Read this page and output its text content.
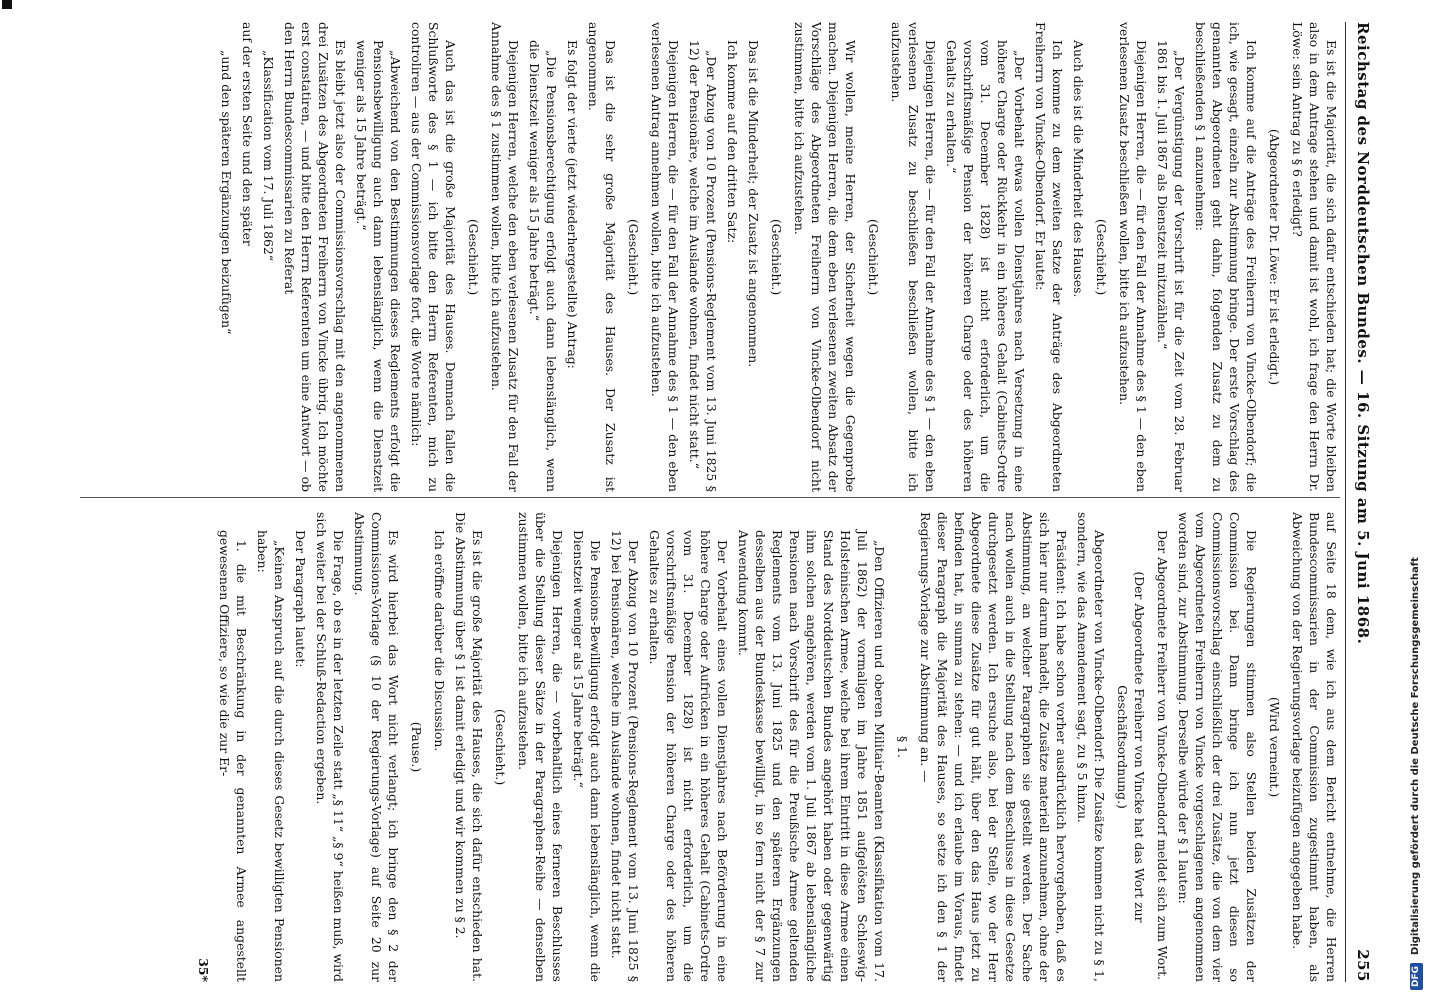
Reichstag des Norddeutschen Bundes. — 16. Sitzung am 5. Juni 1868.
255

Es ist die Majorität, die sich dafür entschieden hat; die Worte bleiben also in dem Antrage stehen und damit ist wohl, ich frage den Herrn Dr. Löwe: sein Antrag zu § 6 erledigt?

(Abgeordneter Dr. Löwe: Er ist erledigt.)

Ich komme auf die Anträge des Freiherrn von Vincke-Olbendorf; die ich, wie gesagt, einzeln zur Abstimmung bringe. Der erste Vorschlag des genannten Abgeordneten geht dahin, folgenden Zusatz zu dem zu beschließenden § 1 anzunehmen:

„Der Vergünstigung der Vorschrift ist für die Zeit vom 28. Februar 1861 bis 1. Juli 1867 als Dienstzeit mitzuzählen.“

Diejenigen Herren, die — für den Fall der Annahme des § 1 — den eben verlesenen Zusatz beschließen wollen, bitte ich aufzustehen.

(Geschieht.)

Auch dies ist die Minderheit des Hauses.

Ich komme zu dem zweiten Satze der Anträge des Abgeordneten Freiherrn von Vincke-Olbendorf. Er lautet:

„Der Vorbehalt etwas vollen Dienstjahres nach Versetzung in eine höhere Charge oder Rückkehr in ein höheres Gehalt (Cabinets-Ordre vom 31. December 1828) ist nicht erforderlich, um die vorschriftsmäßige Pension der höheren Charge oder des höheren Gehalts zu erhalten.“

Diejenigen Herren, die — für den Fall der Annahme des § 1 — den eben verlesenen Zusatz zu beschließen beschließen wollen, bitte ich aufzustehen.

(Geschieht.)

Wir wollen, meine Herren, der Sicherheit wegen die Gegenprobe machen. Diejenigen Herren, die dem eben verlesenen zweiten Absatz der Vorschläge des Abgeordneten Freiherrn von Vincke-Olbendorf nicht zustimmen, bitte ich aufzustehen.

(Geschieht.)

Das ist die Minderheit; der Zusatz ist angenommen.

Ich komme auf den dritten Satz:

„Der Abzug von 10 Prozent (Pensions-Reglement vom 13. Juni 1825 § 12) der Pensionäre, welche im Auslande wohnen, findet nicht statt.“

Diejenigen Herren, die — für den Fall der Annahme des § 1 — den eben verlesenen Antrag annehmen wollen, bitte ich aufzustehen.

(Geschieht.)

Das ist die sehr große Majorität des Hauses. Der Zusatz ist angenommen.

Es folgt der vierte (jetzt wiederhergestellte) Antrag:

„Die Pensionsberechtigung erfolgt auch dann lebenslänglich, wenn die Dienstzeit weniger als 15 Jahre beträgt.“

Diejenigen Herren, welche den eben verlesenen Zusatz für den Fall der Annahme des § 1 zustimmen wollen, bitte ich aufzustehen.

(Geschieht.)

Auch das ist die große Majorität des Hauses. Demnach fallen die Schlußworte des § 1 — ich bitte den Herrn Referenten, mich zu controliren — aus der Commissionsvorlage fort, die Worte nämlich:

„Abweichend von den Bestimmungen dieses Reglements erfolgt die Pensionsbewilligung auch dann lebenslänglich, wenn die Dienstzeit weniger als 15 Jahre beträgt.“

Es bleibt jetzt also der Commissionsvorschlag mit den angenommenen drei Zusätzen des Abgeordneten Freiherrn von Vincke übrig. Ich möchte erst constatiren, — und bitte den Herrn Referenten um eine Antwort — ob den Herrn Bundescommissarien zu Referat

„Klassification vom 17. Juli 1862“

auf der ersten Seite und den später

„und den späteren Ergänzungen beizufügen“

auf Seite 18 dem, wie ich aus dem Bericht entnehme, die Herren Bundescommissarien in der Commission zugestimmt haben, als Abweichung von der Regierungsvorlage beizufügen angegeben habe.

(Wird verneint.)

Die Regierungen stimmen also Stellen beiden Zusätzen der Commission bei. Dann bringe ich nun jetzt diesen so Commissionsvorschlag einschließlich der drei Zusätze, die von dem vier vom Abgeordneten Freiherrn von Vincke vorgeschlagenen angenommen worden sind, zur Abstimmung. Derselbe würde der § 1 lauten:

Der Abgeordnete Freiherr von Vincke-Olbendorf meldet sich zum Wort.

(Der Abgeordnete Freiherr von Vincke hat das Wort zur Geschäftsordnung.)

Abgeordneter von Vincke-Olbendorf: Die Zusätze kommen nicht zu § 1, sondern, wie das Amendement sagt, zu § 5 hinzu.

Präsident: Ich habe schon vorher ausdrücklich hervorgehoben, daß es sich hier nur darum handelt, die Zusätze materiell anzunehmen, ohne der Abstimmung, an welcher Paragraphen sie gestellt werden. Der Sache nach wollen auch in die Stellung nach dem Beschlusse in diese Gesetze durchgesetzt werden. Ich ersuche also, bei der Stelle, wo der Herr Abgeordnete diese Zusätze für gut hält, über den das Haus jetzt zu befinden hat, in summa zu stehen: — und ich erlaube im Voraus, findet dieser Paragraph die Majorität des Hauses, so setze ich den § 1 der Regierungs-Vorlage zur Abstimmung an. —

§ 1.

„Den Offizieren und oberen Militair-Beamten (Klassifikation vom 17. Juli 1862) der vormaligen im Jahre 1851 aufgelösten Schleswig-Holsteinischen Armee, welche bei ihrem Eintritt in diese Armee einen Stand des Norddeutschen Bundes angehört haben oder gegenwärtig ihm solchen angehören, werden vom 1. Juli 1867 ab lebenslängliche Pensionen nach Vorschrift des für die Preußische Armee geltenden Reglements vom 13. Juni 1825 und den späteren Ergänzungen desselben aus der Bundeskasse bewilligt, in so fern nicht der § 7 zur Anwendung kommt.

Der Vorbehalt eines vollen Dienstjahres nach Beförderung in eine höhere Charge oder Aufrücken in ein höheres Gehalt (Cabinets-Ordre vom 31. December 1828) ist nicht erforderlich, um die vorschriftsmäßige Pension der höheren Charge oder des höheren Gehaltes zu erhalten.

Der Abzug von 10 Prozent (Pensions-Reglement vom 13. Juni 1825 § 12) bei Pensionären, welche im Auslande wohnen, findet nicht statt.

Die Pensions-Bewilligung erfolgt auch dann lebenslänglich, wenn die Dienstzeit weniger als 15 Jahre beträgt.“

Diejenigen Herren, die — vorbehaltlich eines ferneren Beschlusses über die Stellung dieser Sätze in der Paragraphen-Reihe — denselben zustimmen wollen, bitte ich aufzustehen.

(Geschieht.)

Es ist die große Majorität des Hauses, die sich dafür entschieden hat. Die Abstimmung über § 1 ist damit erledigt und wir kommen zu § 2.

Ich eröffne darüber die Discussion.

(Pause.)

Es wird hierbei das Wort nicht verlangt; ich bringe den § 2 der Commissions-Vorlage (§ 10 der Regierungs-Vorlage) auf Seite 20 zur Abstimmung.

Die Frage, ob es in der letzten Zeile statt „§ 11“ „§ 9“ heißen muß, wird sich weiter bei der Schluß-Redaction ergeben.

Der Paragraph lautet:

„Keinen Anspruch auf die durch dieses Gesetz bewilligten Pensionen haben:

1. die mit Beschränkung in der genannten Armee angestellt gewesenen Offiziere, so wie die zur Er-

35*	DFGDigitalisierung gefördert durch die Deutsche Forschungsgemeinschaft
